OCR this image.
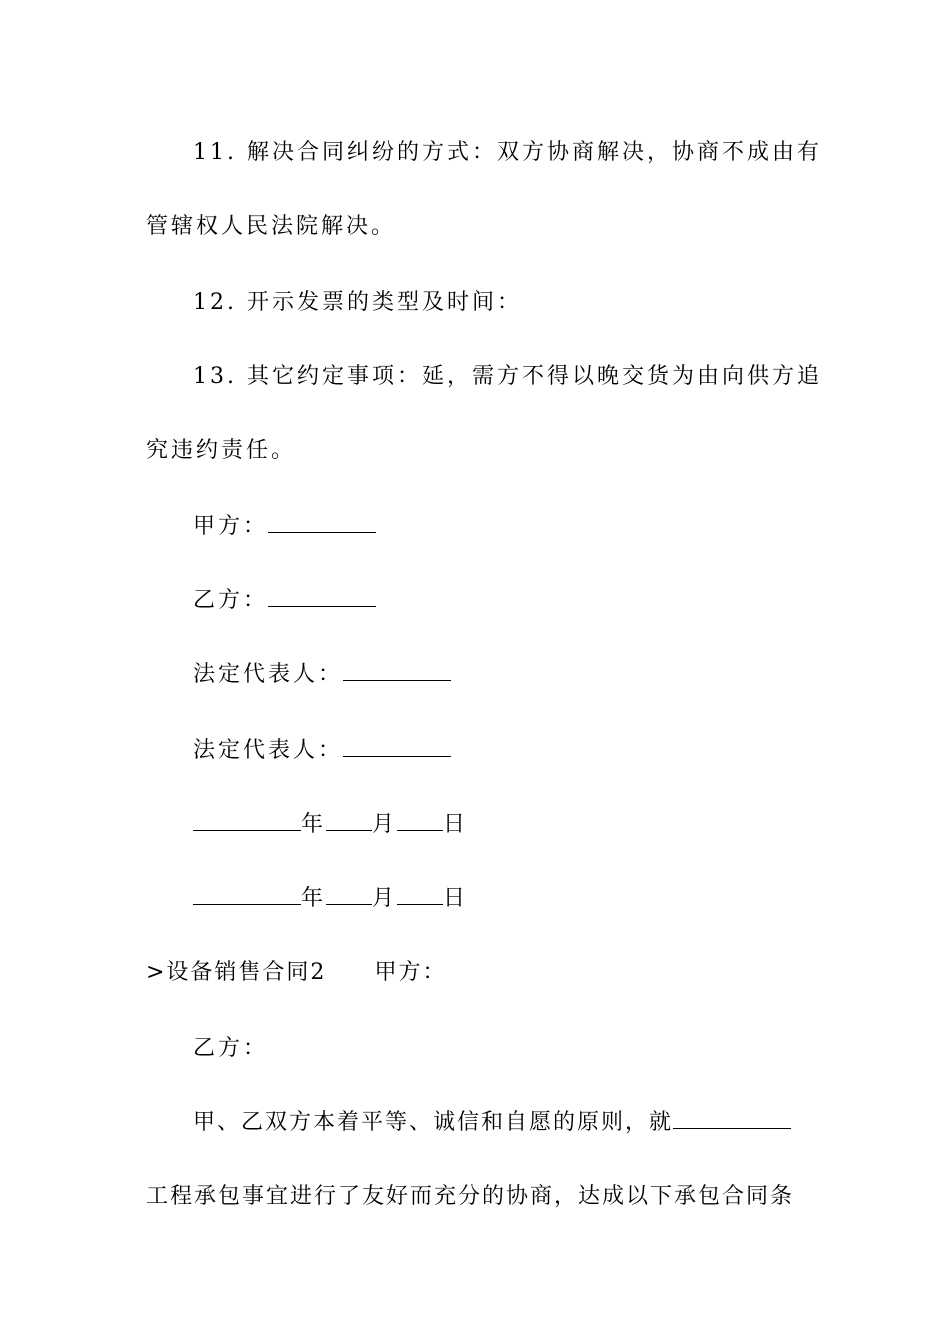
11. 解决合同纠纷的方式：双方协商解决，协商不成由有
管辖权人民法院解决。
12. 开示发票的类型及时间：
13. 其它约定事项：延，需方不得以晚交货为由向供方追
究违约责任。
甲方：
乙方：
法定代表人：
法定代表人：
年 月 日
年 月 日
>设备销售合同2 甲方：
乙方：
甲、乙双方本着平等、诚信和自愿的原则，就
工程承包事宜进行了友好而充分的协商，达成以下承包合同条
